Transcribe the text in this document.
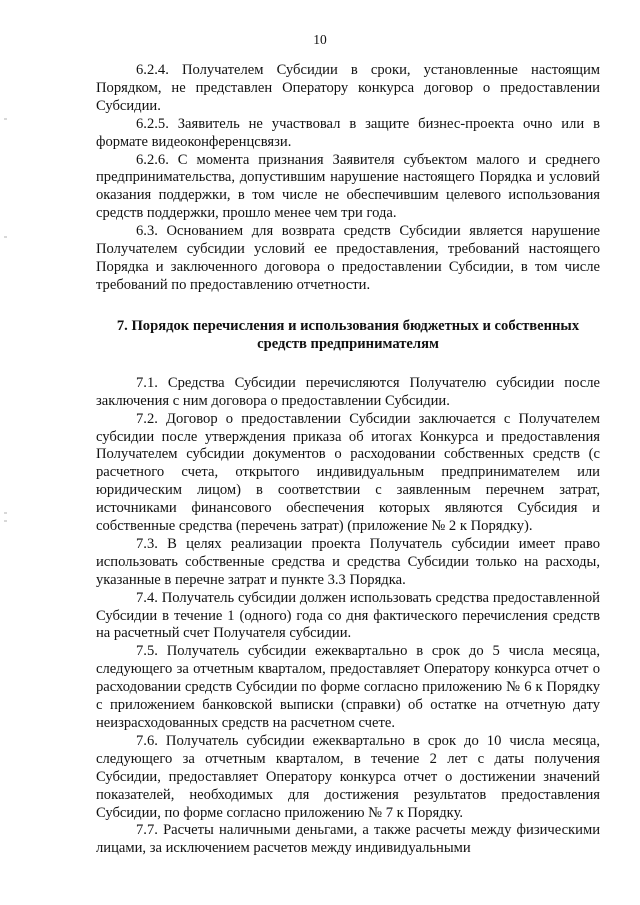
10

6.2.4. Получателем Субсидии в сроки, установленные настоящим Порядком, не представлен Оператору конкурса договор о предоставлении Субсидии.

6.2.5. Заявитель не участвовал в защите бизнес-проекта очно или в формате видеоконференцсвязи.

6.2.6. С момента признания Заявителя субъектом малого и среднего предпринимательства, допустившим нарушение настоящего Порядка и условий оказания поддержки, в том числе не обеспечившим целевого использования средств поддержки, прошло менее чем три года.

6.3. Основанием для возврата средств Субсидии является нарушение Получателем субсидии условий ее предоставления, требований настоящего Порядка и заключенного договора о предоставлении Субсидии, в том числе требований по предоставлению отчетности.

7. Порядок перечисления и использования бюджетных и собственных
средств предпринимателям

7.1. Средства Субсидии перечисляются Получателю субсидии после заключения с ним договора о предоставлении Субсидии.

7.2. Договор о предоставлении Субсидии заключается с Получателем субсидии после утверждения приказа об итогах Конкурса и предоставления Получателем субсидии документов о расходовании собственных средств (с расчетного счета, открытого индивидуальным предпринимателем или юридическим лицом) в соответствии с заявленным перечнем затрат, источниками финансового обеспечения которых являются Субсидия и собственные средства (перечень затрат) (приложение № 2 к Порядку).

7.3. В целях реализации проекта Получатель субсидии имеет право использовать собственные средства и средства Субсидии только на расходы, указанные в перечне затрат и пункте 3.3 Порядка.

7.4. Получатель субсидии должен использовать средства предоставленной Субсидии в течение 1 (одного) года со дня фактического перечисления средств на расчетный счет Получателя субсидии.

7.5. Получатель субсидии ежеквартально в срок до 5 числа месяца, следующего за отчетным кварталом, предоставляет Оператору конкурса отчет о расходовании средств Субсидии по форме согласно приложению № 6 к Порядку с приложением банковской выписки (справки) об остатке на отчетную дату неизрасходованных средств на расчетном счете.

7.6. Получатель субсидии ежеквартально в срок до 10 числа месяца, следующего за отчетным кварталом, в течение 2 лет с даты получения Субсидии, предоставляет Оператору конкурса отчет о достижении значений показателей, необходимых для достижения результатов предоставления Субсидии, по форме согласно приложению № 7 к Порядку.

7.7. Расчеты наличными деньгами, а также расчеты между физическими лицами, за исключением расчетов между индивидуальными
